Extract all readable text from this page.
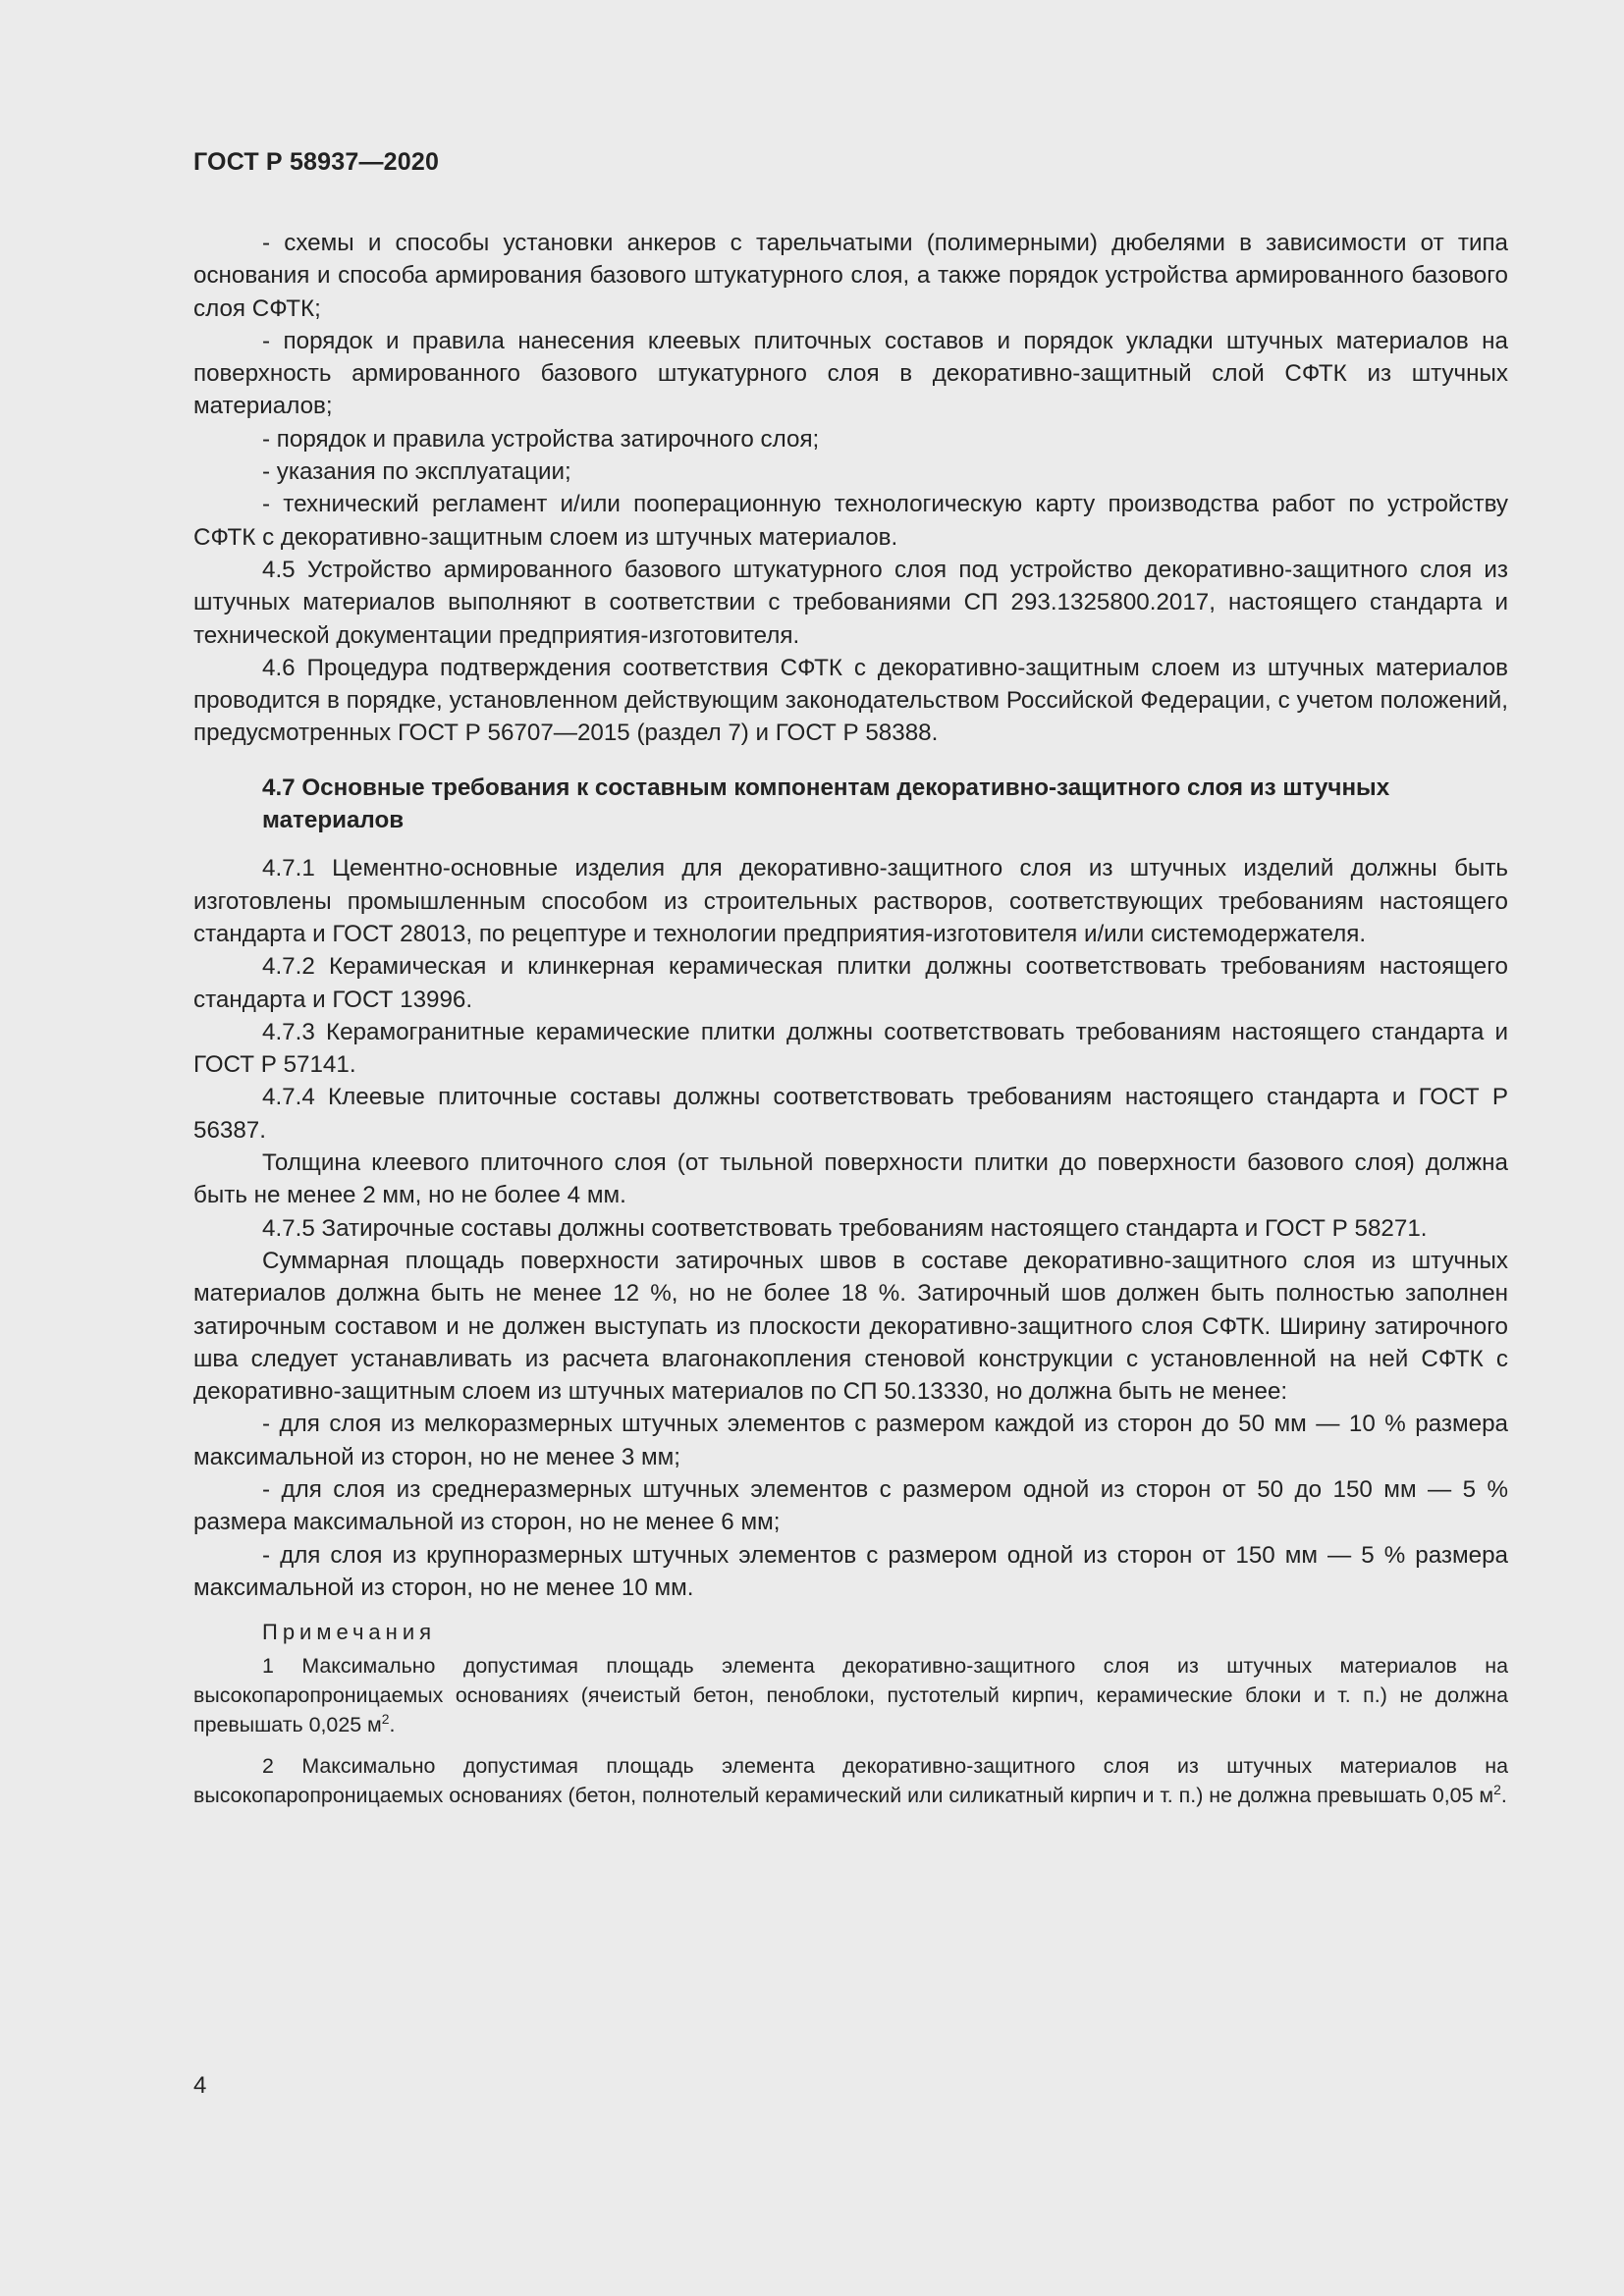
ГОСТ Р 58937—2020

- схемы и способы установки анкеров с тарельчатыми (полимерными) дюбелями в зависимости от типа основания и способа армирования базового штукатурного слоя, а также порядок устройства армированного базового слоя СФТК;

- порядок и правила нанесения клеевых плиточных составов и порядок укладки штучных материалов на поверхность армированного базового штукатурного слоя в декоративно-защитный слой СФТК из штучных материалов;

- порядок и правила устройства затирочного слоя;

- указания по эксплуатации;

- технический регламент и/или пооперационную технологическую карту производства работ по устройству СФТК с декоративно-защитным слоем из штучных материалов.

4.5 Устройство армированного базового штукатурного слоя под устройство декоративно-защитного слоя из штучных материалов выполняют в соответствии с требованиями СП 293.1325800.2017, настоящего стандарта и технической документации предприятия-изготовителя.

4.6 Процедура подтверждения соответствия СФТК с декоративно-защитным слоем из штучных материалов проводится в порядке, установленном действующим законодательством Российской Федерации, с учетом положений, предусмотренных ГОСТ Р 56707—2015 (раздел 7) и ГОСТ Р 58388.

4.7 Основные требования к составным компонентам декоративно-защитного слоя из штучных материалов

4.7.1 Цементно-основные изделия для декоративно-защитного слоя из штучных изделий должны быть изготовлены промышленным способом из строительных растворов, соответствующих требованиям настоящего стандарта и ГОСТ 28013, по рецептуре и технологии предприятия-изготовителя и/или системодержателя.

4.7.2 Керамическая и клинкерная керамическая плитки должны соответствовать требованиям настоящего стандарта и ГОСТ 13996.

4.7.3 Керамогранитные керамические плитки должны соответствовать требованиям настоящего стандарта и ГОСТ Р 57141.

4.7.4 Клеевые плиточные составы должны соответствовать требованиям настоящего стандарта и ГОСТ Р 56387.

Толщина клеевого плиточного слоя (от тыльной поверхности плитки до поверхности базового слоя) должна быть не менее 2 мм, но не более 4 мм.

4.7.5 Затирочные составы должны соответствовать требованиям настоящего стандарта и ГОСТ Р 58271.

Суммарная площадь поверхности затирочных швов в составе декоративно-защитного слоя из штучных материалов должна быть не менее 12 %, но не более 18 %. Затирочный шов должен быть полностью заполнен затирочным составом и не должен выступать из плоскости декоративно-защитного слоя СФТК. Ширину затирочного шва следует устанавливать из расчета влагонакопления стеновой конструкции с установленной на ней СФТК с декоративно-защитным слоем из штучных материалов по СП 50.13330, но должна быть не менее:

- для слоя из мелкоразмерных штучных элементов с размером каждой из сторон до 50 мм — 10 % размера максимальной из сторон, но не менее 3 мм;

- для слоя из среднеразмерных штучных элементов с размером одной из сторон от 50 до 150 мм — 5 % размера максимальной из сторон, но не менее 6 мм;

- для слоя из крупноразмерных штучных элементов с размером одной из сторон от 150 мм — 5 % размера максимальной из сторон, но не менее 10 мм.

Примечания

1 Максимально допустимая площадь элемента декоративно-защитного слоя из штучных материалов на высокопаропроницаемых основаниях (ячеистый бетон, пеноблоки, пустотелый кирпич, керамические блоки и т. п.) не должна превышать 0,025 $м^2$.

2 Максимально допустимая площадь элемента декоративно-защитного слоя из штучных материалов на высокопаропроницаемых основаниях (бетон, полнотелый керамический или силикатный кирпич и т. п.) не должна превышать 0,05 $м^2$.

4
